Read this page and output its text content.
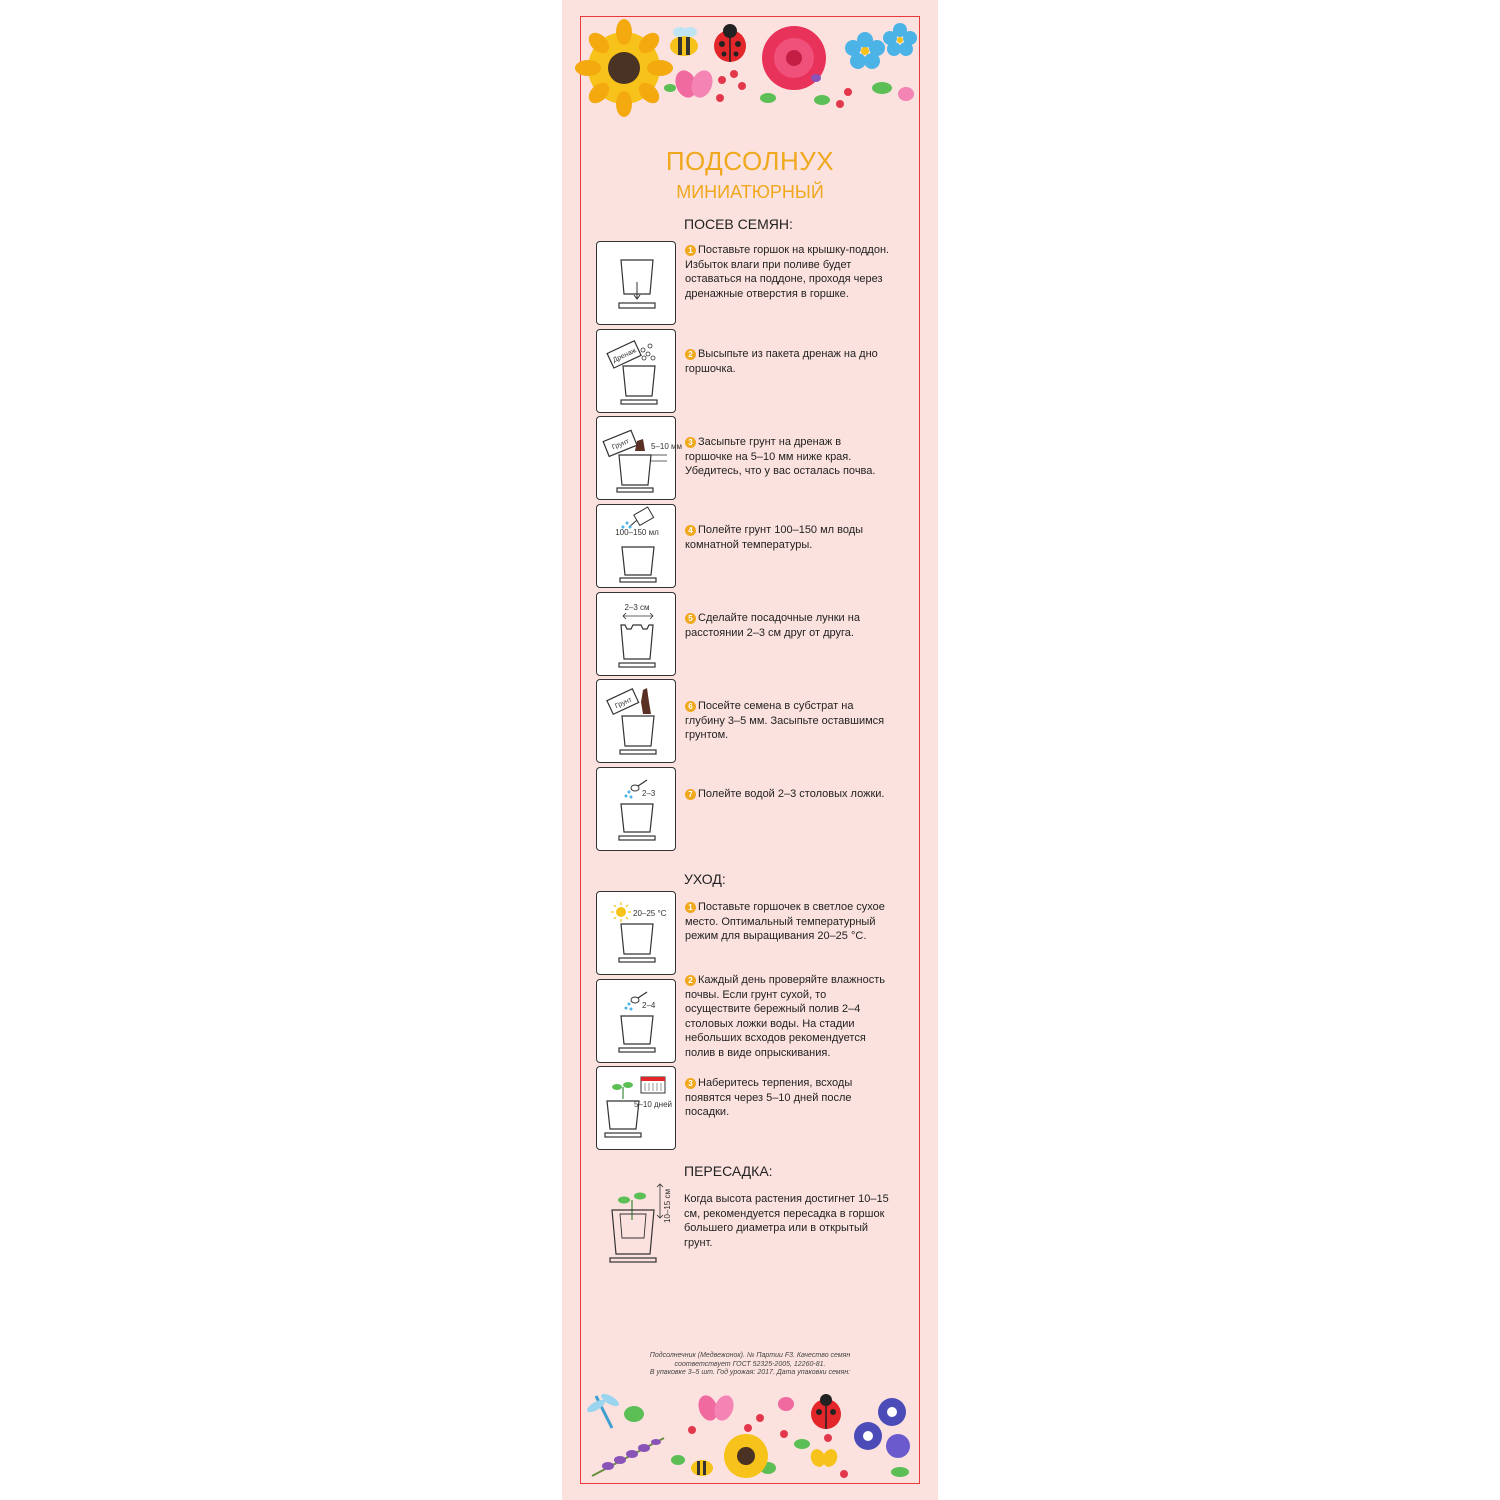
ПОДСОЛНУХ
МИНИАТЮРНЫЙ
ПОСЕВ СЕМЯН:
1 Поставьте горшок на крышку-поддон. Избыток влаги при поливе будет оставаться на поддоне, проходя через дренажные отверстия в горшке.
Дренаж	2 Высыпьте из пакета дренаж на дно горшочка.
Грунт	5–10 мм 3 Засыпьте грунт на дренаж в горшочке на 5–10 мм ниже края. Убедитесь, что у вас осталась почва.
100–150 мл	4 Полейте грунт 100–150 мл воды комнатной температуры.
2–3 см
5 Сделайте посадочные лунки на расстоянии 2–3 см друг от друга.
Грунт	6 Посейте семена в субстрат на глубину 3–5 мм. Засыпьте оставшимся грунтом.
2–3	7 Полейте водой 2–3 столовых ложки.
УХОД:
20–25 °С
1 Поставьте горшочек в светлое сухое место. Оптимальный температурный режим для выращивания 20–25 °С.
2–4
2 Каждый день проверяйте влажность почвы. Если грунт сухой, то осуществите бережный полив 2–4 столовых ложки воды. На стадии небольших всходов рекомендуется полив в виде опрыскивания.
5–10 дней
3 Наберитесь терпения, всходы появятся через 5–10 дней после посадки.
ПЕРЕСАДКА:
10–15 см Когда высота растения достигнет 10–15 см, рекомендуется пересадка в горшок большего диаметра или в открытый грунт.
Подсолнечник (Медвежонок). № Партии F3. Качество семян
соответствует ГОСТ 52325-2005, 12260-81.
В упаковке 3–5 шт. Год урожая: 2017. Дата упаковки семян:
